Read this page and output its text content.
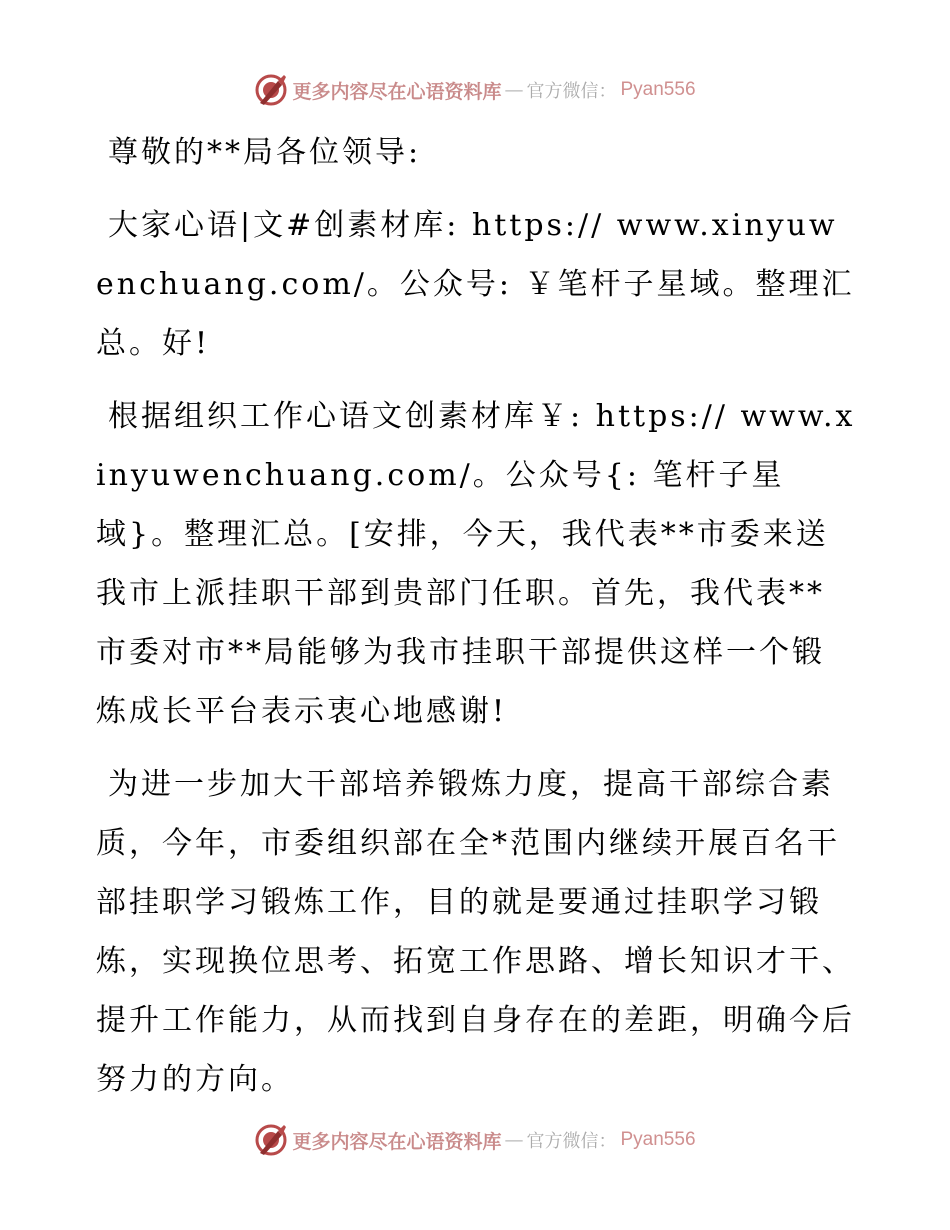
更多内容尽在心语资料库 — 官方微信： Pyan556

尊敬的**局各位领导:

大家心语|文#创素材库: https:// www.xinyuwenchuang.com/。公众号: ￥笔杆子星域。整理汇总。好!

根据组织工作心语文创素材库￥: https:// www.xinyuwenchuang.com/。公众号{: 笔杆子星域}。整理汇总。[安排，今天，我代表**市委来送我市上派挂职干部到贵部门任职。首先，我代表**市委对市**局能够为我市挂职干部提供这样一个锻炼成长平台表示衷心地感谢!

为进一步加大干部培养锻炼力度，提高干部综合素质，今年，市委组织部在全*范围内继续开展百名干部挂职学习锻炼工作，目的就是要通过挂职学习锻炼，实现换位思考、拓宽工作思路、增长知识才干、提升工作能力，从而找到自身存在的差距，明确今后努力的方向。

更多内容尽在心语资料库 — 官方微信： Pyan556
